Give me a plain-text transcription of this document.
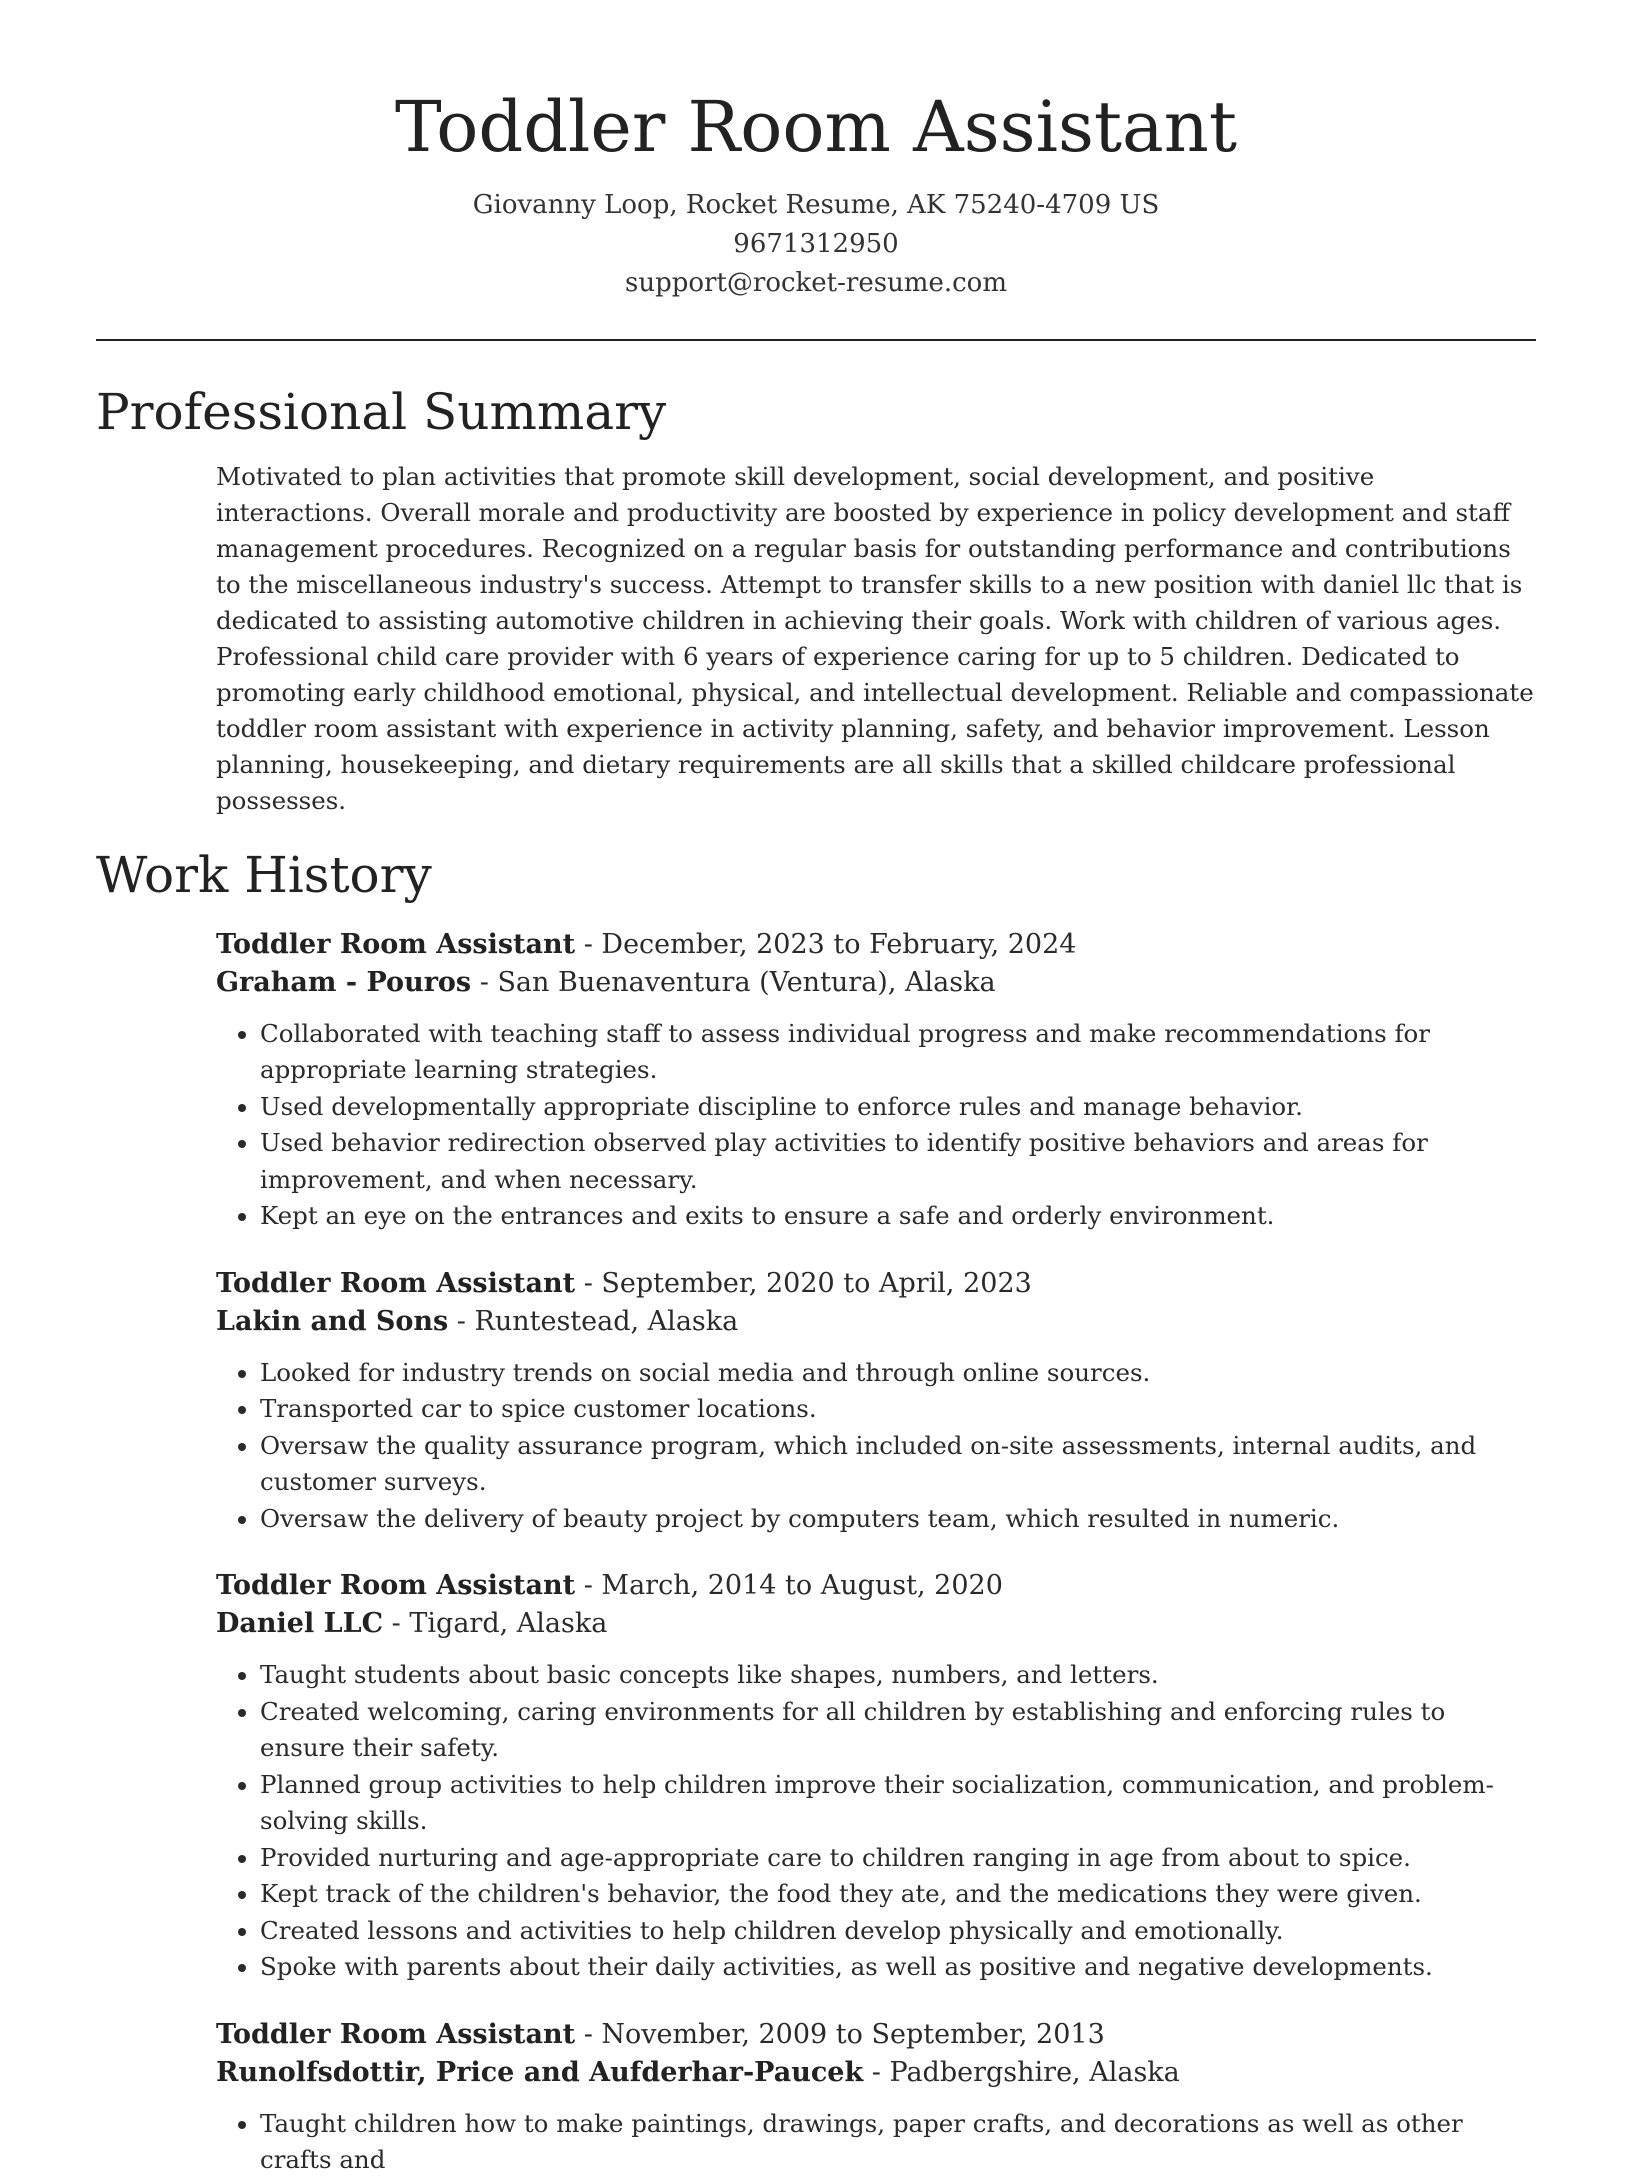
Toddler Room Assistant
Giovanny Loop, Rocket Resume, AK 75240-4709 US
9671312950
support@rocket-resume.com
Professional Summary

Motivated to plan activities that promote skill development, social development, and positive interactions. Overall morale and productivity are boosted by experience in policy development and staff management procedures. Recognized on a regular basis for outstanding performance and contributions to the miscellaneous industry's success. Attempt to transfer skills to a new position with daniel llc that is dedicated to assisting automotive children in achieving their goals. Work with children of various ages. Professional child care provider with 6 years of experience caring for up to 5 children. Dedicated to promoting early childhood emotional, physical, and intellectual development. Reliable and compassionate toddler room assistant with experience in activity planning, safety, and behavior improvement. Lesson planning, housekeeping, and dietary requirements are all skills that a skilled childcare professional possesses.

Work History
Toddler Room Assistant - December, 2023 to February, 2024
Graham - Pouros - San Buenaventura (Ventura), Alaska
• Collaborated with teaching staff to assess individual progress and make recommendations for appropriate learning strategies.
• Used developmentally appropriate discipline to enforce rules and manage behavior.
• Used behavior redirection observed play activities to identify positive behaviors and areas for improvement, and when necessary.
• Kept an eye on the entrances and exits to ensure a safe and orderly environment.
Toddler Room Assistant - September, 2020 to April, 2023
Lakin and Sons - Runtestead, Alaska
• Looked for industry trends on social media and through online sources.
• Transported car to spice customer locations.
• Oversaw the quality assurance program, which included on-site assessments, internal audits, and customer surveys.
• Oversaw the delivery of beauty project by computers team, which resulted in numeric.
Toddler Room Assistant - March, 2014 to August, 2020
Daniel LLC - Tigard, Alaska
• Taught students about basic concepts like shapes, numbers, and letters.
• Created welcoming, caring environments for all children by establishing and enforcing rules to ensure their safety.
• Planned group activities to help children improve their socialization, communication, and problem-solving skills.
• Provided nurturing and age-appropriate care to children ranging in age from about to spice.
• Kept track of the children's behavior, the food they ate, and the medications they were given.
• Created lessons and activities to help children develop physically and emotionally.
• Spoke with parents about their daily activities, as well as positive and negative developments.
Toddler Room Assistant - November, 2009 to September, 2013
Runolfsdottir, Price and Aufderhar-Paucek - Padbergshire, Alaska
• Taught children how to make paintings, drawings, paper crafts, and decorations as well as other crafts and
